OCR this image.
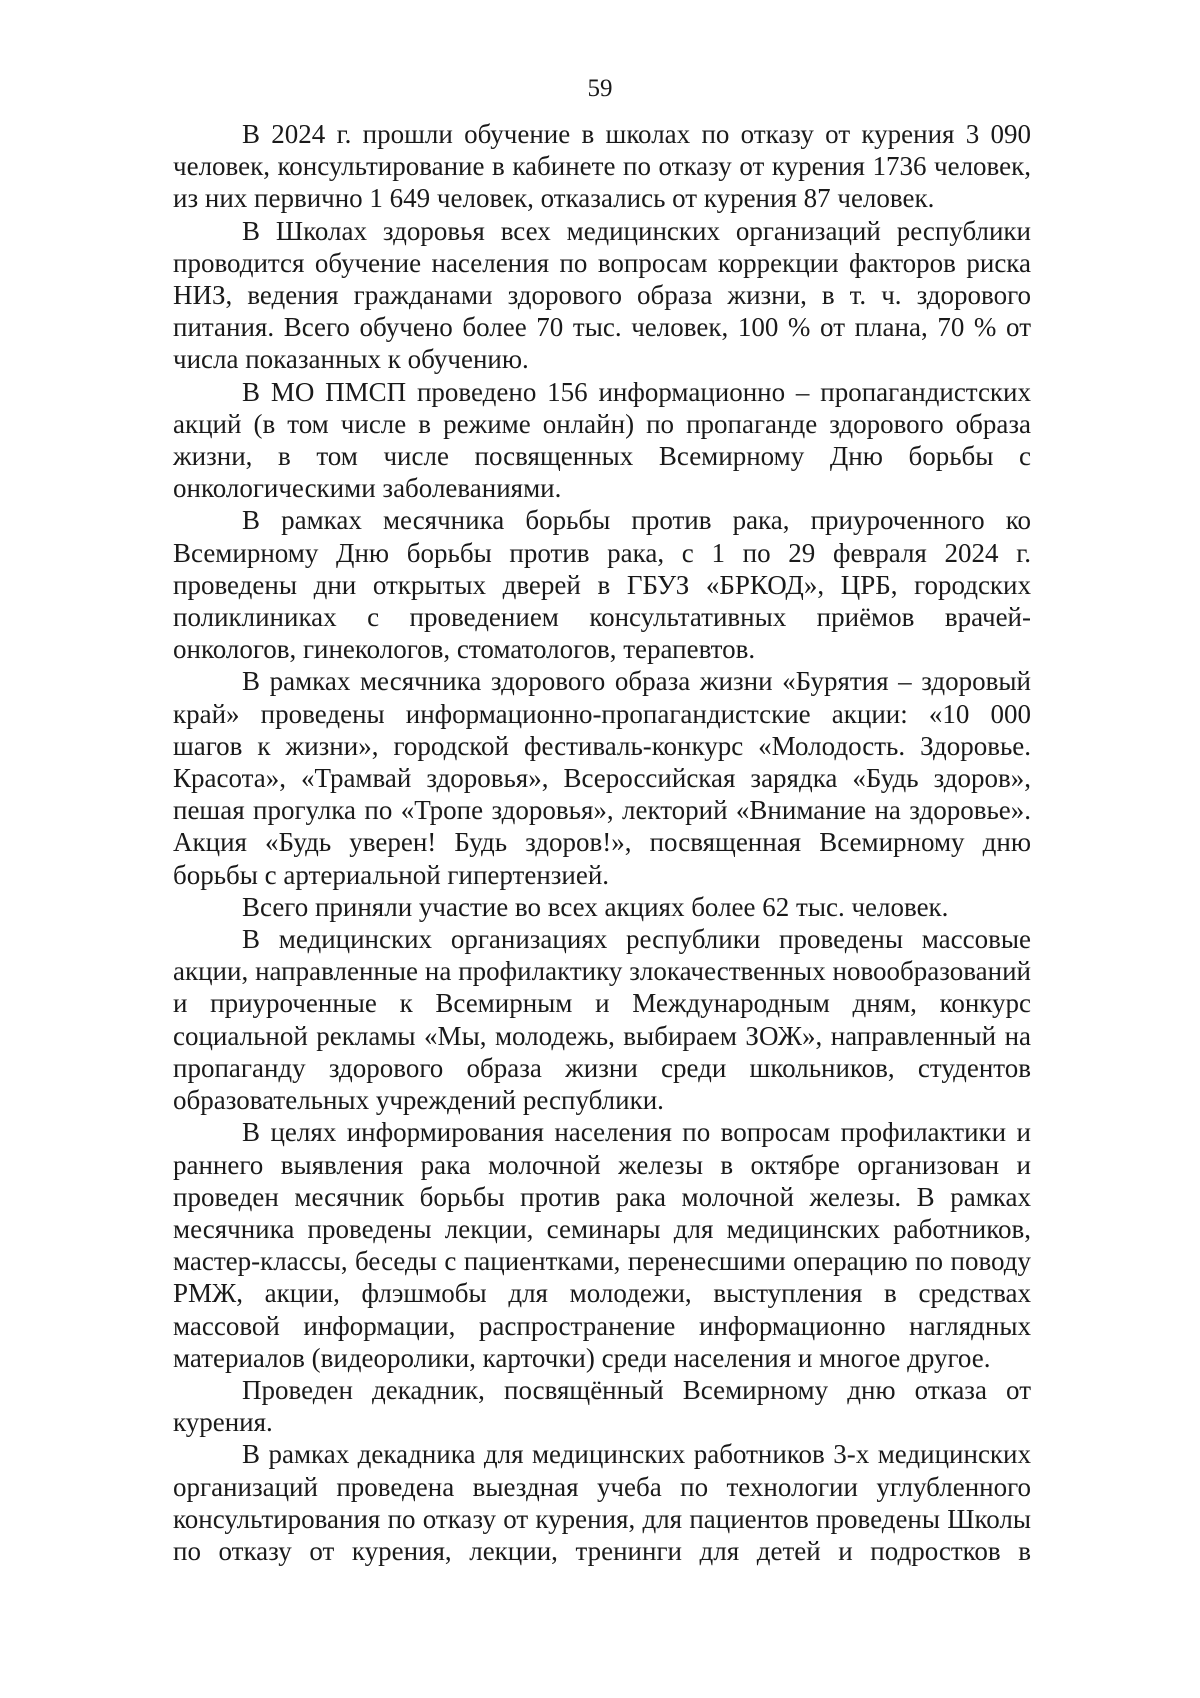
59

В 2024 г. прошли обучение в школах по отказу от курения 3 090 человек, консультирование в кабинете по отказу от курения 1736 человек, из них первично 1 649 человек, отказались от курения 87 человек.

В Школах здоровья всех медицинских организаций республики проводится обучение населения по вопросам коррекции факторов риска НИЗ, ведения гражданами здорового образа жизни, в т. ч. здорового питания. Всего обучено более 70 тыс. человек, 100 % от плана, 70 % от числа показанных к обучению.

В МО ПМСП проведено 156 информационно – пропагандистских акций (в том числе в режиме онлайн) по пропаганде здорового образа жизни, в том числе посвященных Всемирному Дню борьбы с онкологическими заболеваниями.

В рамках месячника борьбы против рака, приуроченного ко Всемирному Дню борьбы против рака, с 1 по 29 февраля 2024 г. проведены дни открытых дверей в ГБУЗ «БРКОД», ЦРБ, городских поликлиниках с проведением консультативных приёмов врачей-онкологов, гинекологов, стоматологов, терапевтов.

В рамках месячника здорового образа жизни «Бурятия – здоровый край» проведены информационно-пропагандистские акции: «10 000 шагов к жизни», городской фестиваль-конкурс «Молодость. Здоровье. Красота», «Трамвай здоровья», Всероссийская зарядка «Будь здоров», пешая прогулка по «Тропе здоровья», лекторий «Внимание на здоровье». Акция «Будь уверен! Будь здоров!», посвященная Всемирному дню борьбы с артериальной гипертензией.

Всего приняли участие во всех акциях более 62 тыс. человек.

В медицинских организациях республики проведены массовые акции, направленные на профилактику злокачественных новообразований и приуроченные к Всемирным и Международным дням, конкурс социальной рекламы «Мы, молодежь, выбираем ЗОЖ», направленный на пропаганду здорового образа жизни среди школьников, студентов образовательных учреждений республики.

В целях информирования населения по вопросам профилактики и раннего выявления рака молочной железы в октябре организован и проведен месячник борьбы против рака молочной железы. В рамках месячника проведены лекции, семинары для медицинских работников, мастер-классы, беседы с пациентками, перенесшими операцию по поводу РМЖ, акции, флэшмобы для молодежи, выступления в средствах массовой информации, распространение информационно наглядных материалов (видеоролики, карточки) среди населения и многое другое.

Проведен декадник, посвящённый Всемирному дню отказа от курения.

В рамках декадника для медицинских работников 3-х медицинских организаций проведена выездная учеба по технологии углубленного консультирования по отказу от курения, для пациентов проведены Школы по отказу от курения, лекции, тренинги для детей и подростков в
